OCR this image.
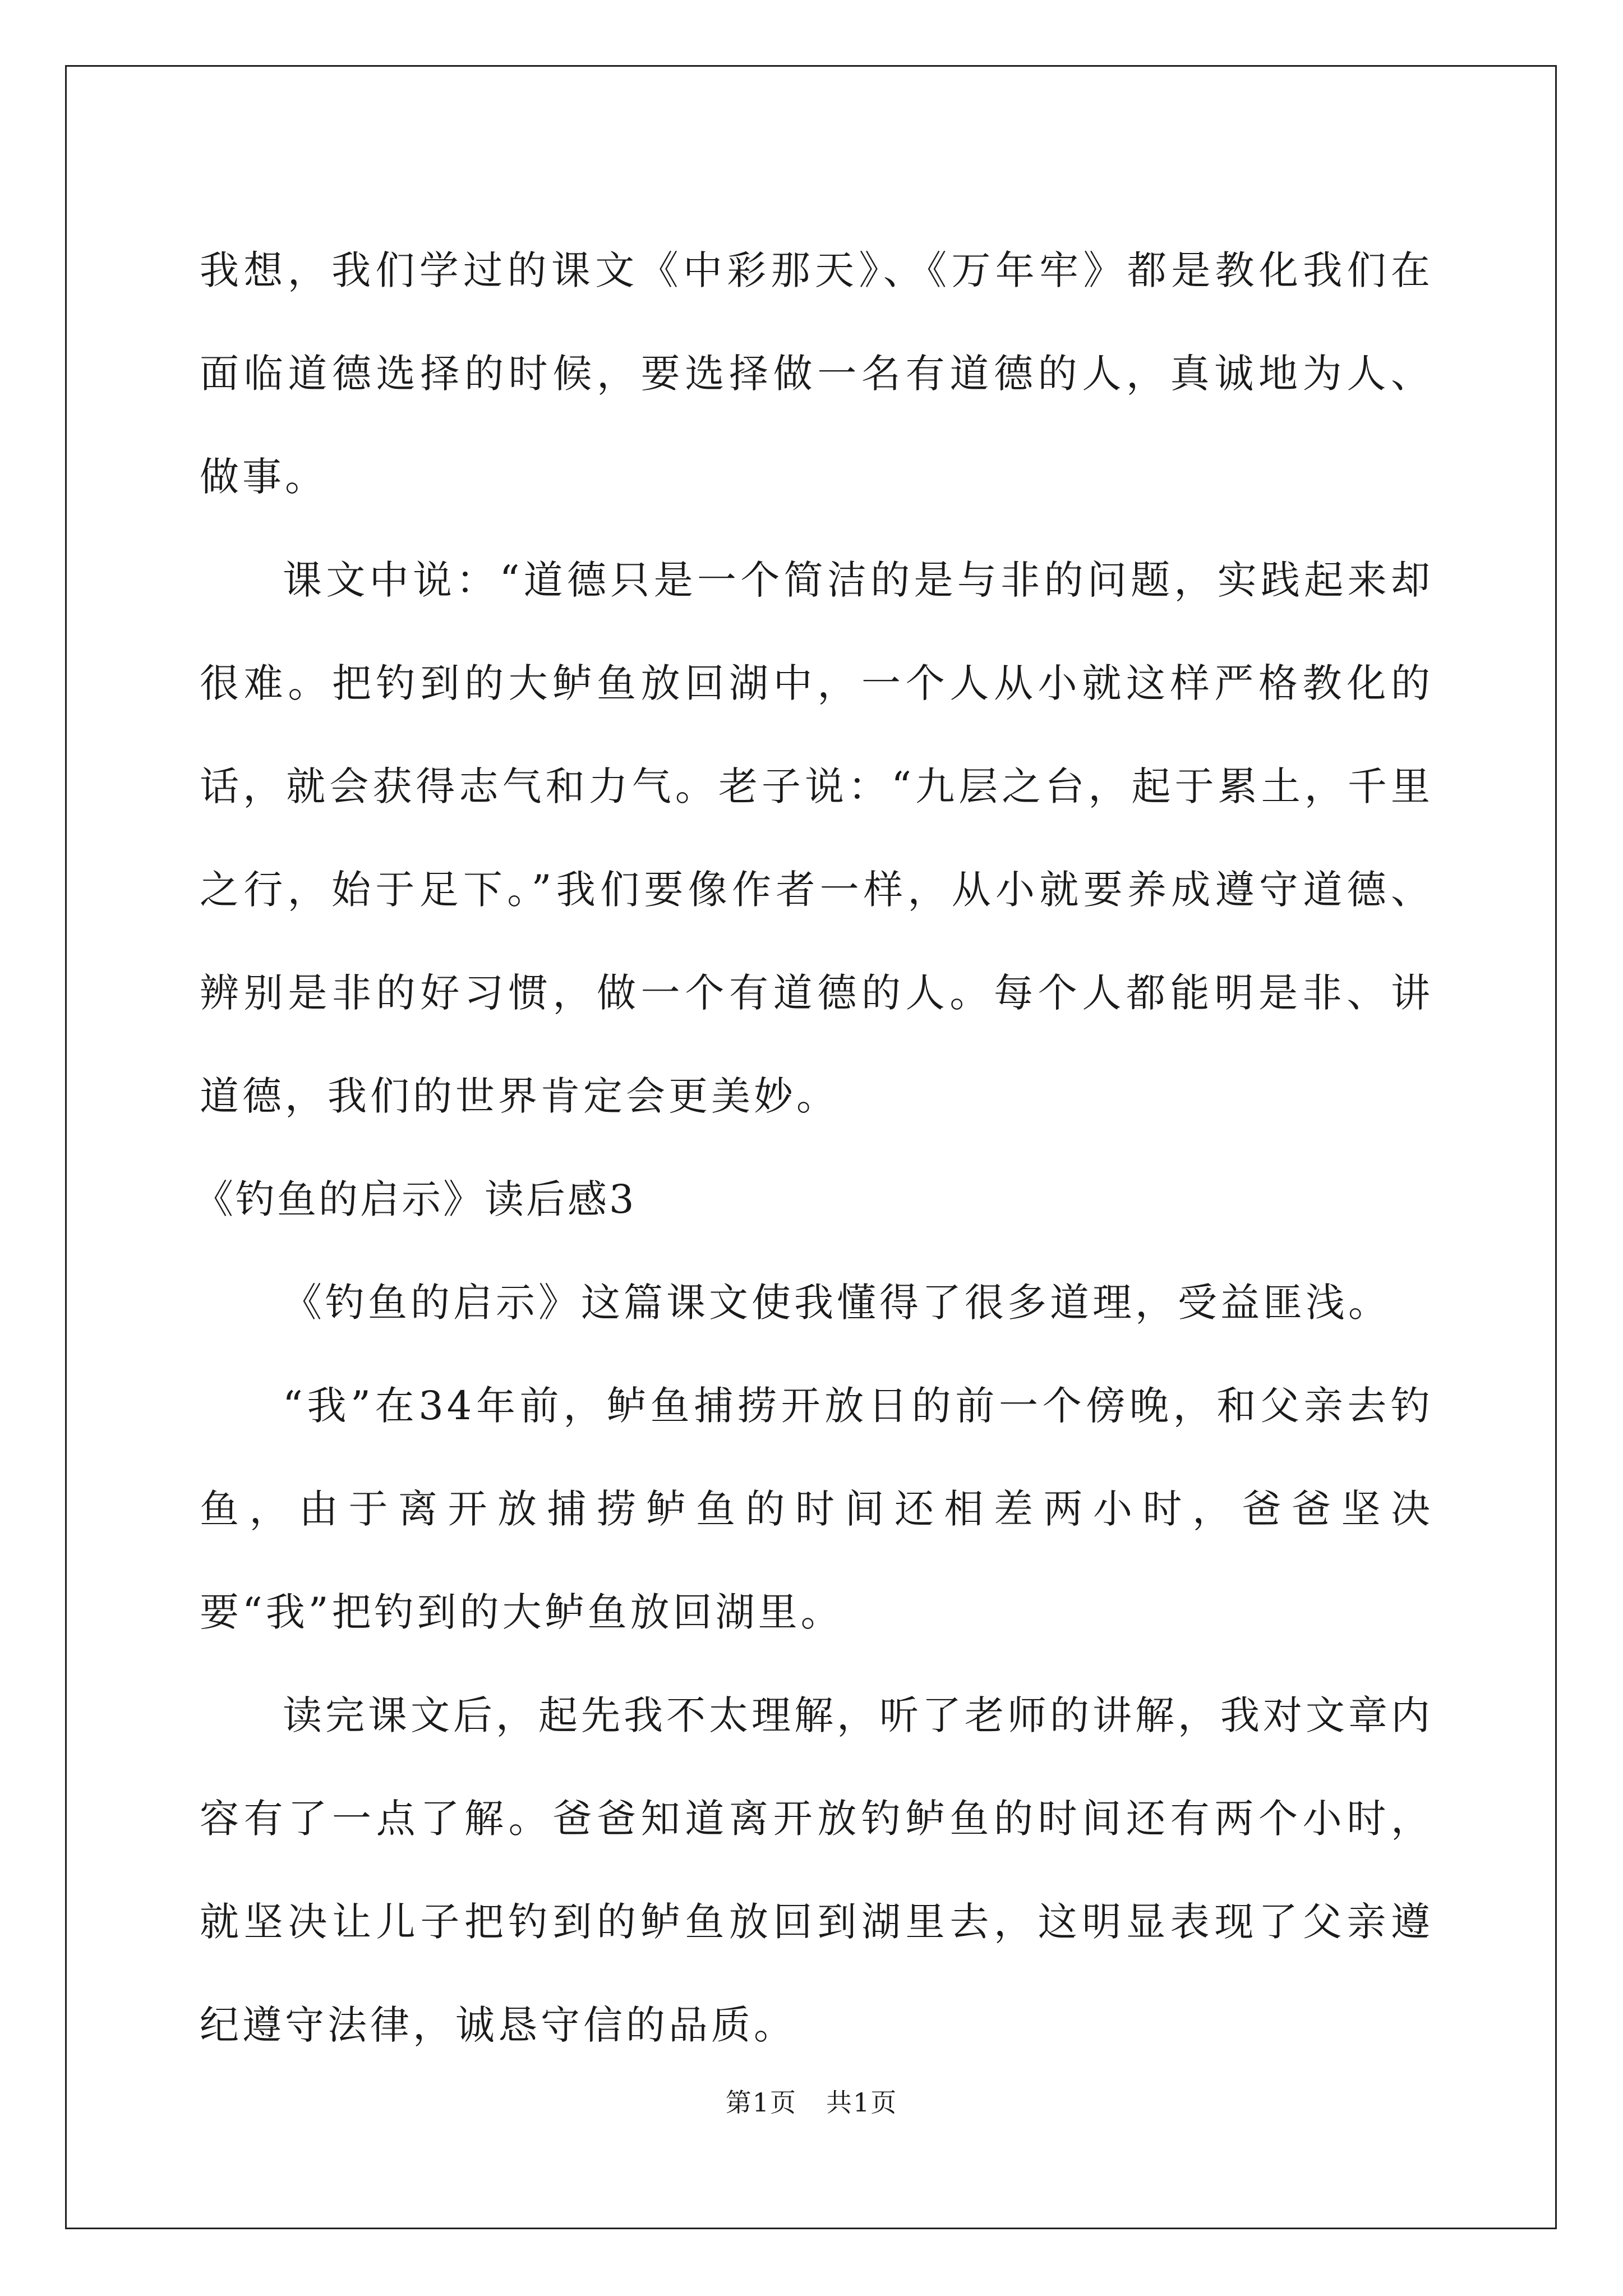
我想，我们学过的课文《中彩那天》、《万年牢》都是教化我们在面临道德选择的时候，要选择做一名有道德的人，真诚地为人、做事。

课文中说：“道德只是一个简洁的是与非的问题，实践起来却很难。把钓到的大鲈鱼放回湖中，一个人从小就这样严格教化的话，就会获得志气和力气。老子说：“九层之台，起于累土，千里之行，始于足下。”我们要像作者一样，从小就要养成遵守道德、辨别是非的好习惯，做一个有道德的人。每个人都能明是非、讲道德，我们的世界肯定会更美妙。

《钓鱼的启示》读后感3

《钓鱼的启示》这篇课文使我懂得了很多道理，受益匪浅。

“我”在34年前，鲈鱼捕捞开放日的前一个傍晚，和父亲去钓鱼，由于离开放捕捞鲈鱼的时间还相差两小时，爸爸坚决要“我”把钓到的大鲈鱼放回湖里。

读完课文后，起先我不太理解，听了老师的讲解，我对文章内容有了一点了解。爸爸知道离开放钓鲈鱼的时间还有两个小时，就坚决让儿子把钓到的鲈鱼放回到湖里去，这明显表现了父亲遵纪遵守法律，诚恳守信的品质。

第1页 共1页
